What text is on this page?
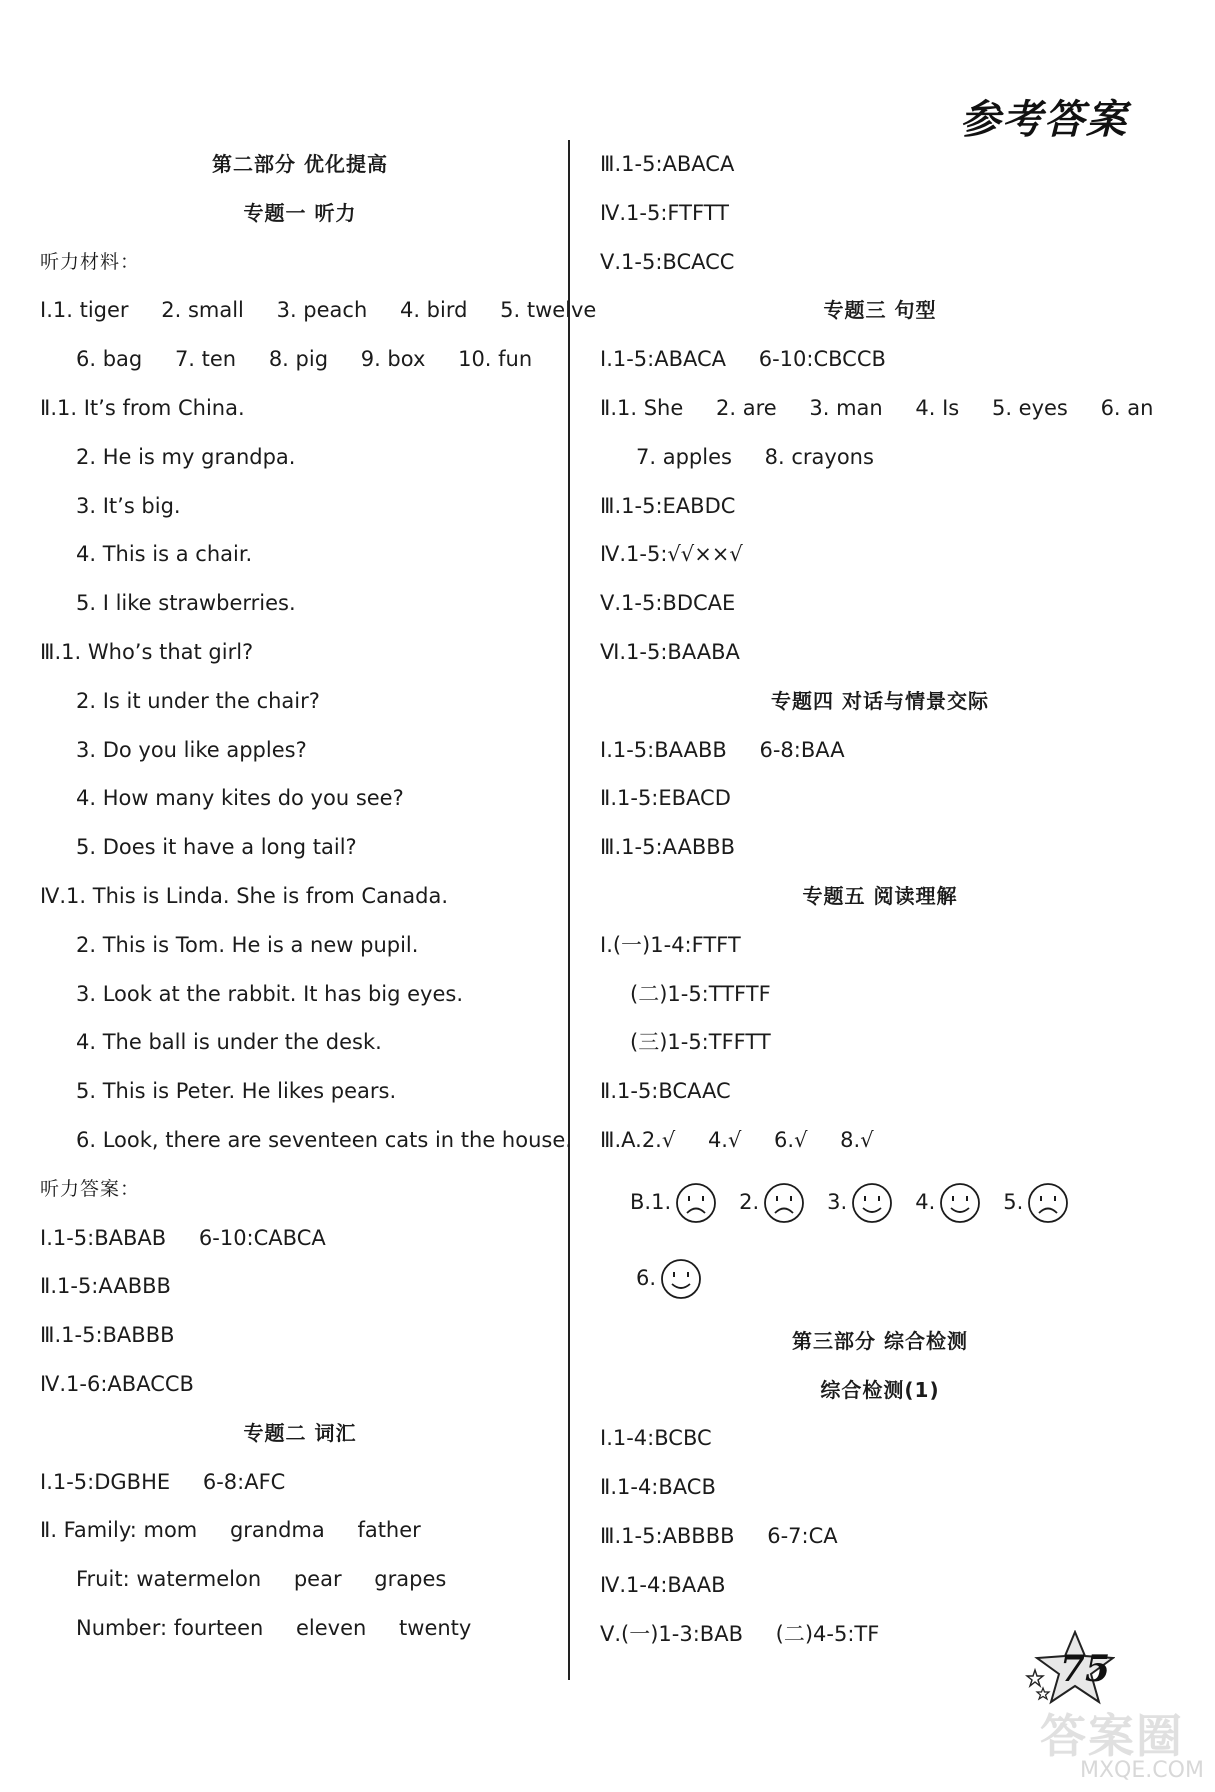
参考答案
第二部分 优化提高
专题一 听力
听力材料：
Ⅰ.1. tiger 2. small 3. peach 4. bird 5. twelve
6. bag 7. ten 8. pig 9. box 10. fun
Ⅱ.1. It’s from China.
2. He is my grandpa.
3. It’s big.
4. This is a chair.
5. I like strawberries.
Ⅲ.1. Who’s that girl?
2. Is it under the chair?
3. Do you like apples?
4. How many kites do you see?
5. Does it have a long tail?
Ⅳ.1. This is Linda. She is from Canada.
2. This is Tom. He is a new pupil.
3. Look at the rabbit. It has big eyes.
4. The ball is under the desk.
5. This is Peter. He likes pears.
6. Look, there are seventeen cats in the house.
听力答案：
Ⅰ.1-5:BABAB 6-10:CABCA
Ⅱ.1-5:AABBB
Ⅲ.1-5:BABBB
Ⅳ.1-6:ABACCB
专题二 词汇
Ⅰ.1-5:DGBHE 6-8:AFC
Ⅱ. Family: mom grandma father
Fruit: watermelon pear grapes
Number: fourteen eleven twenty
Ⅲ.1-5:ABACA
Ⅳ.1-5:FTFTT
Ⅴ.1-5:BCACC
专题三 句型
Ⅰ.1-5:ABACA 6-10:CBCCB
Ⅱ.1. She 2. are 3. man 4. Is 5. eyes 6. an
7. apples 8. crayons
Ⅲ.1-5:EABDC
Ⅳ.1-5:√√××√
Ⅴ.1-5:BDCAE
Ⅵ.1-5:BAABA
专题四 对话与情景交际
Ⅰ.1-5:BAABB 6-8:BAA
Ⅱ.1-5:EBACD
Ⅲ.1-5:AABBB
专题五 阅读理解
Ⅰ.(一)1-4:FTFT
(二)1-5:TTFTF
(三)1-5:TFFTT
Ⅱ.1-5:BCAAC
Ⅲ.A.2.√ 4.√ 6.√ 8.√
B.1.	2.	3.	4.	5.
6.
第三部分 综合检测
综合检测(1)
Ⅰ.1-4:BCBC
Ⅱ.1-4:BACB
Ⅲ.1-5:ABBBB 6-7:CA
Ⅳ.1-4:BAAB
Ⅴ.(一)1-3:BAB (二)4-5:TF
75
答案圈
MXQE.COM
